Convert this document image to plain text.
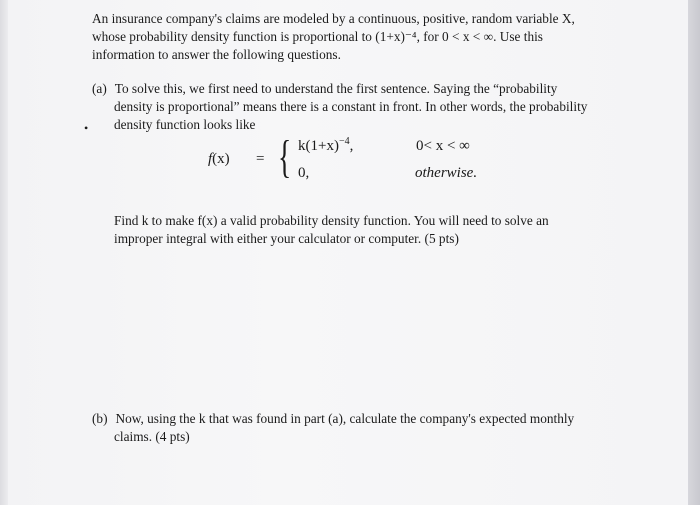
An insurance company's claims are modeled by a continuous, positive, random variable X,
whose probability density function is proportional to (1+x)⁻⁴, for 0 < x < ∞. Use this
information to answer the following questions.
(a) To solve this, we first need to understand the first sentence. Saying the “probability
density is proportional” means there is a constant in front. In other words, the probability
density function looks like
•
f(x) = { $k(1+x)^{-4}$,	0< x < ∞
0,	otherwise.
Find k to make f(x) a valid probability density function. You will need to solve an
improper integral with either your calculator or computer. (5 pts)
(b) Now, using the k that was found in part (a), calculate the company's expected monthly
claims. (4 pts)
